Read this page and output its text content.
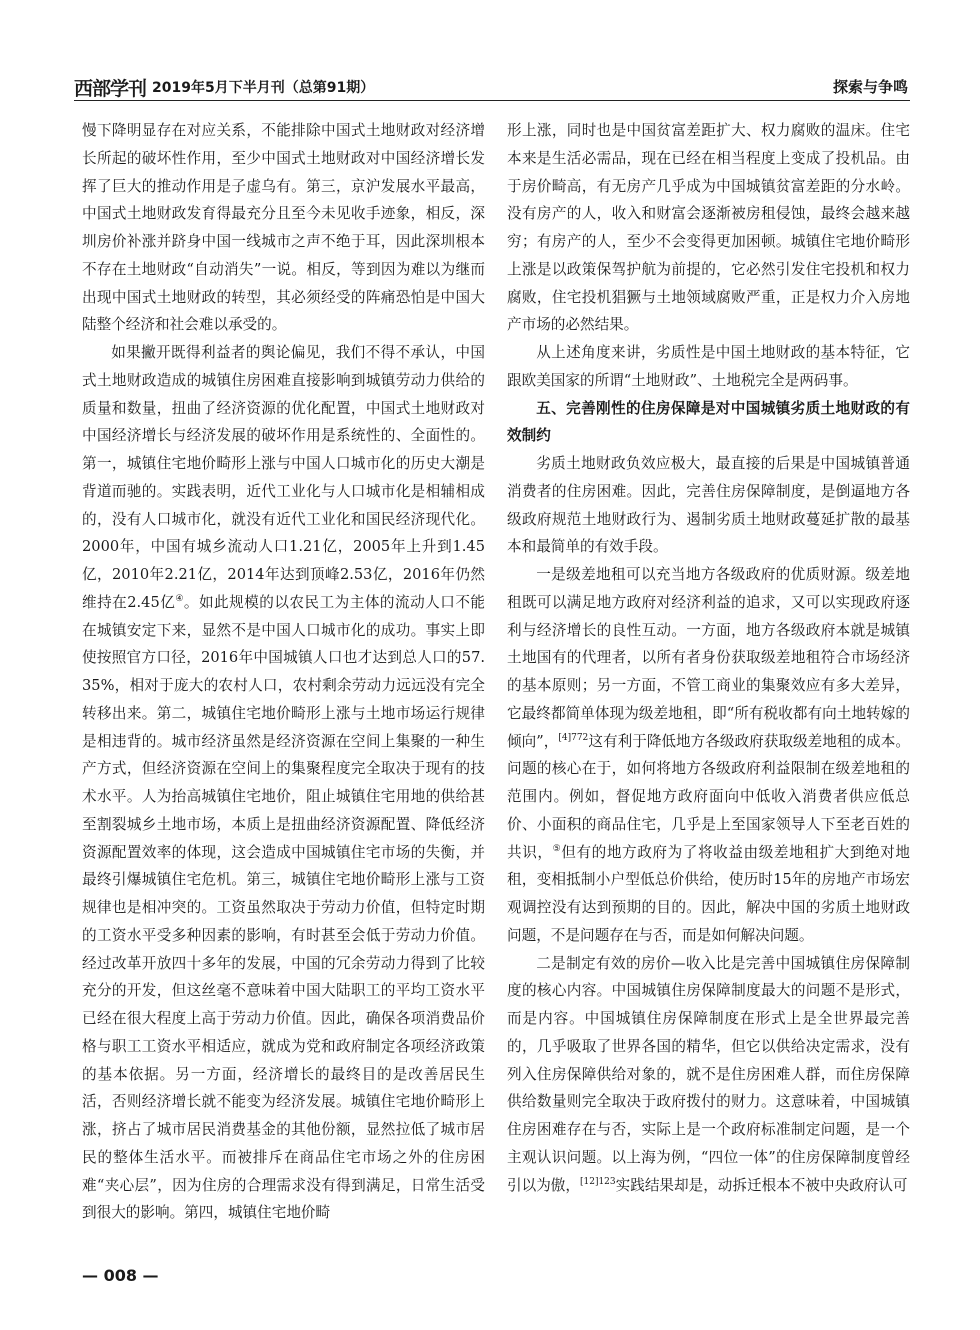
西部学刊 2019年5月下半月刊（总第91期）	探索与争鸣

慢下降明显存在对应关系，不能排除中国式土地财政对经济增长所起的破坏性作用，至少中国式土地财政对中国经济增长发挥了巨大的推动作用是子虚乌有。第三，京沪发展水平最高，中国式土地财政发育得最充分且至今未见收手迹象，相反，深圳房价补涨并跻身中国一线城市之声不绝于耳，因此深圳根本不存在土地财政“自动消失”一说。相反，等到因为难以为继而出现中国式土地财政的转型，其必须经受的阵痛恐怕是中国大陆整个经济和社会难以承受的。

如果撇开既得利益者的舆论偏见，我们不得不承认，中国式土地财政造成的城镇住房困难直接影响到城镇劳动力供给的质量和数量，扭曲了经济资源的优化配置，中国式土地财政对中国经济增长与经济发展的破坏作用是系统性的、全面性的。第一，城镇住宅地价畸形上涨与中国人口城市化的历史大潮是背道而驰的。实践表明，近代工业化与人口城市化是相辅相成的，没有人口城市化，就没有近代工业化和国民经济现代化。2000年，中国有城乡流动人口1.21亿，2005年上升到1.45亿，2010年2.21亿，2014年达到顶峰2.53亿，2016年仍然维持在2.45亿④。如此规模的以农民工为主体的流动人口不能在城镇安定下来，显然不是中国人口城市化的成功。事实上即使按照官方口径，2016年中国城镇人口也才达到总人口的57.35%，相对于庞大的农村人口，农村剩余劳动力远远没有完全转移出来。第二，城镇住宅地价畸形上涨与土地市场运行规律是相违背的。城市经济虽然是经济资源在空间上集聚的一种生产方式，但经济资源在空间上的集聚程度完全取决于现有的技术水平。人为抬高城镇住宅地价，阻止城镇住宅用地的供给甚至割裂城乡土地市场，本质上是扭曲经济资源配置、降低经济资源配置效率的体现，这会造成中国城镇住宅市场的失衡，并最终引爆城镇住宅危机。第三，城镇住宅地价畸形上涨与工资规律也是相冲突的。工资虽然取决于劳动力价值，但特定时期的工资水平受多种因素的影响，有时甚至会低于劳动力价值。经过改革开放四十多年的发展，中国的冗余劳动力得到了比较充分的开发，但这丝毫不意味着中国大陆职工的平均工资水平已经在很大程度上高于劳动力价值。因此，确保各项消费品价格与职工工资水平相适应，就成为党和政府制定各项经济政策的基本依据。另一方面，经济增长的最终目的是改善居民生活，否则经济增长就不能变为经济发展。城镇住宅地价畸形上涨，挤占了城市居民消费基金的其他份额，显然拉低了城市居民的整体生活水平。而被排斥在商品住宅市场之外的住房困难“夹心层”，因为住房的合理需求没有得到满足，日常生活受到很大的影响。第四，城镇住宅地价畸

形上涨，同时也是中国贫富差距扩大、权力腐败的温床。住宅本来是生活必需品，现在已经在相当程度上变成了投机品。由于房价畸高，有无房产几乎成为中国城镇贫富差距的分水岭。没有房产的人，收入和财富会逐渐被房租侵蚀，最终会越来越穷；有房产的人，至少不会变得更加困顿。城镇住宅地价畸形上涨是以政策保驾护航为前提的，它必然引发住宅投机和权力腐败，住宅投机猖獗与土地领域腐败严重，正是权力介入房地产市场的必然结果。

从上述角度来讲，劣质性是中国土地财政的基本特征，它跟欧美国家的所谓“土地财政”、土地税完全是两码事。

五、完善刚性的住房保障是对中国城镇劣质土地财政的有效制约

劣质土地财政负效应极大，最直接的后果是中国城镇普通消费者的住房困难。因此，完善住房保障制度，是倒逼地方各级政府规范土地财政行为、遏制劣质土地财政蔓延扩散的最基本和最简单的有效手段。

一是级差地租可以充当地方各级政府的优质财源。级差地租既可以满足地方政府对经济利益的追求，又可以实现政府逐利与经济增长的良性互动。一方面，地方各级政府本就是城镇土地国有的代理者，以所有者身份获取级差地租符合市场经济的基本原则；另一方面，不管工商业的集聚效应有多大差异，它最终都简单体现为级差地租，即“所有税收都有向土地转嫁的倾向”，$^{[4]772}$这有利于降低地方各级政府获取级差地租的成本。问题的核心在于，如何将地方各级政府利益限制在级差地租的范围内。例如，督促地方政府面向中低收入消费者供应低总价、小面积的商品住宅，几乎是上至国家领导人下至老百姓的共识，⑤但有的地方政府为了将收益由级差地租扩大到绝对地租，变相抵制小户型低总价供给，使历时15年的房地产市场宏观调控没有达到预期的目的。因此，解决中国的劣质土地财政问题，不是问题存在与否，而是如何解决问题。

二是制定有效的房价—收入比是完善中国城镇住房保障制度的核心内容。中国城镇住房保障制度最大的问题不是形式，而是内容。中国城镇住房保障制度在形式上是全世界最完善的，几乎吸取了世界各国的精华，但它以供给决定需求，没有列入住房保障供给对象的，就不是住房困难人群，而住房保障供给数量则完全取决于政府拨付的财力。这意味着，中国城镇住房困难存在与否，实际上是一个政府标准制定问题，是一个主观认识问题。以上海为例，“四位一体”的住房保障制度曾经引以为傲，$^{[12]123}$实践结果却是，动拆迁根本不被中央政府认可

— 008 —
